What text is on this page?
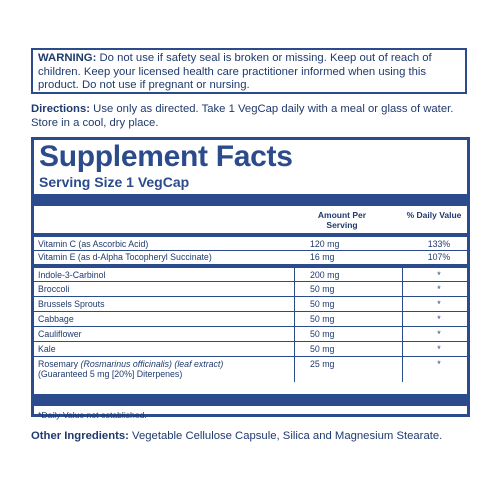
WARNING: Do not use if safety seal is broken or missing. Keep out of reach of children. Keep your licensed health care practitioner informed when using this product. Do not use if pregnant or nursing.
Directions: Use only as directed. Take 1 VegCap daily with a meal or glass of water. Store in a cool, dry place.
Supplement Facts
Serving Size 1 VegCap
Amount Per Serving
% Daily Value
Vitamin C (as Ascorbic Acid)	120 mg	133%
Vitamin E (as d-Alpha Tocopheryl Succinate)	16 mg	107%
Indole-3-Carbinol	200 mg	*
Broccoli	50 mg	*
Brussels Sprouts	50 mg	*
Cabbage	50 mg	*
Cauliflower	50 mg	*
Kale	50 mg	*
Rosemary (Rosmarinus officinalis) (leaf extract)
(Guaranteed 5 mg [20%] Diterpenes)
25 mg	*
*Daily Value not established.
Other Ingredients: Vegetable Cellulose Capsule, Silica and Magnesium Stearate.
